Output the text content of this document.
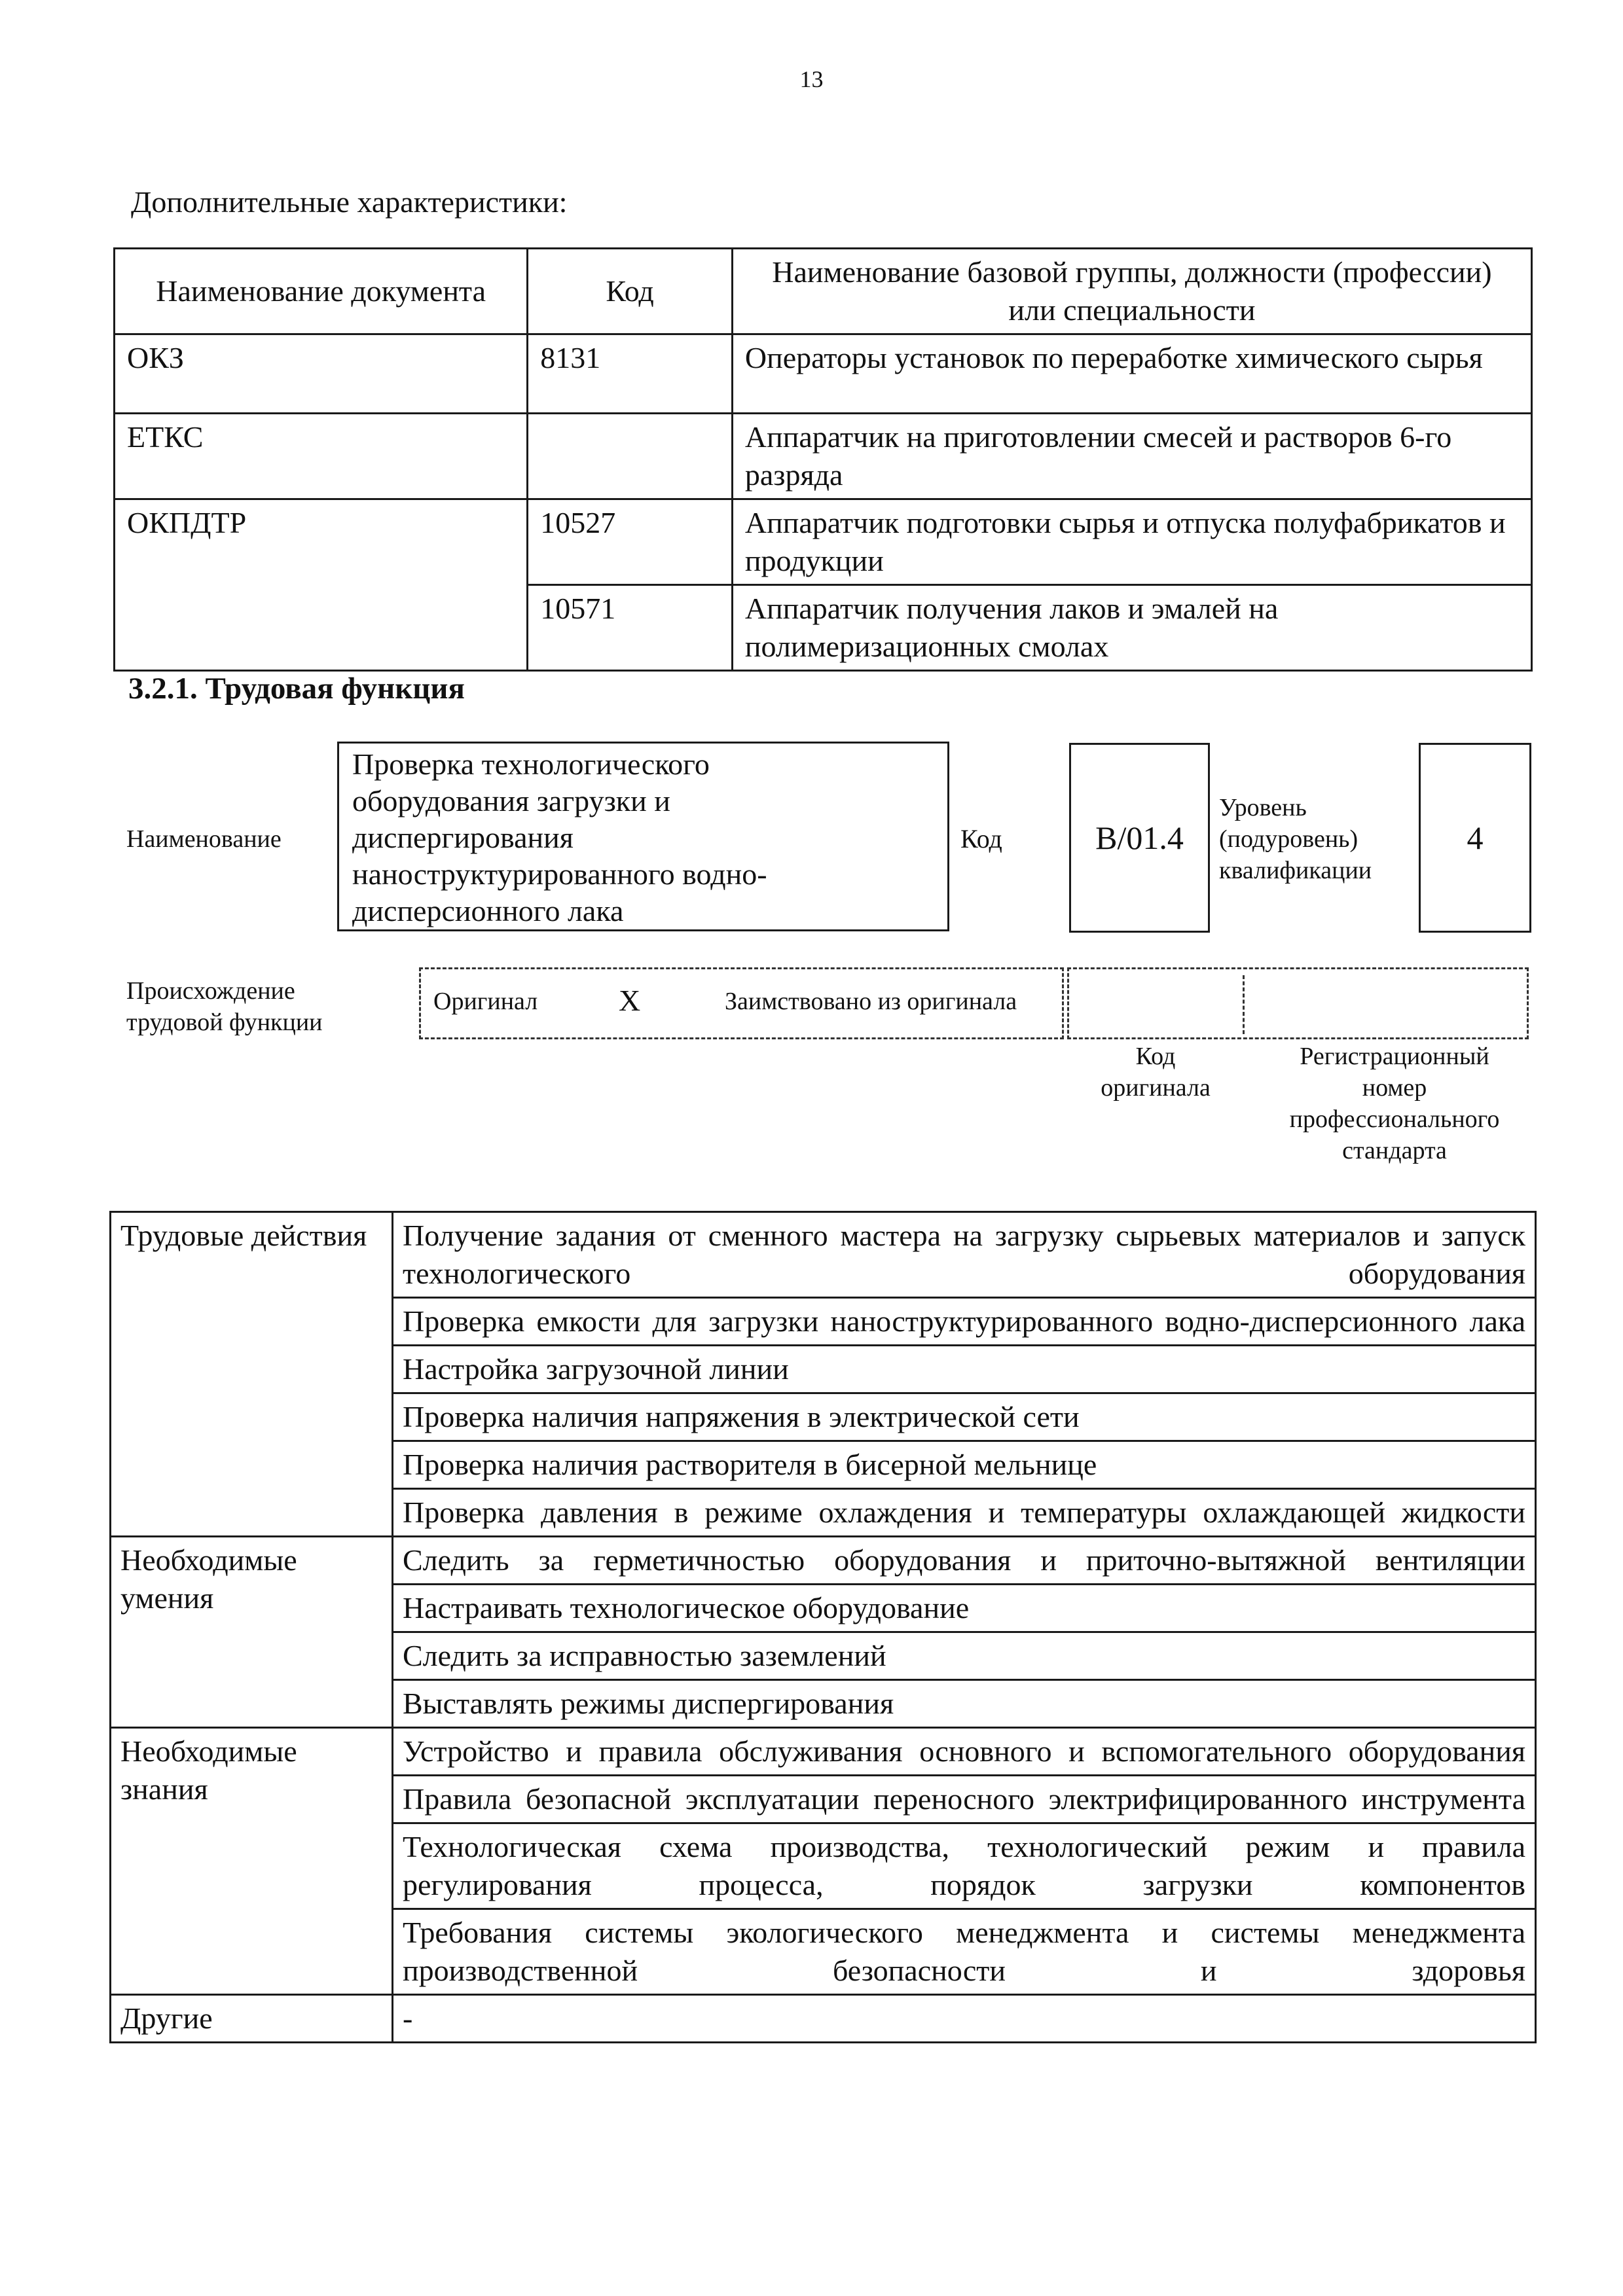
13
Дополнительные характеристики:
Наименование документа	Код	Наименование базовой группы, должности (профессии) или специальности
ОКЗ	8131	Операторы установок по переработке химического сырья
ЕТКС		Аппаратчик на приготовлении смесей и растворов 6-го разряда
ОКПДТР	10527	Аппаратчик подготовки сырья и отпуска полуфабрикатов и продукции
	10571	Аппаратчик получения лаков и эмалей на полимеризационных смолах
3.2.1. Трудовая функция
Наименование
Проверка технологического
оборудования загрузки и
диспергирования
наноструктурированного водно-
дисперсионного лака
Код	В/01.4
Уровень
(подуровень)
квалификации
4
Происхождение
трудовой функции
Оригинал	X	Заимствовано из оригинала
Код
оригинала
Регистрационный
номер
профессионального
стандарта
Трудовые действия	Получение задания от сменного мастера на загрузку сырьевых материалов и запуск технологического оборудования
	Проверка емкости для загрузки наноструктурированного водно-дисперсионного лака
	Настройка загрузочной линии
	Проверка наличия напряжения в электрической сети
	Проверка наличия растворителя в бисерной мельнице
	Проверка давления в режиме охлаждения и температуры охлаждающей жидкости
Необходимые умения	Следить за герметичностью оборудования и приточно-вытяжной вентиляции
	Настраивать технологическое оборудование
	Следить за исправностью заземлений
	Выставлять режимы диспергирования
Необходимые знания	Устройство и правила обслуживания основного и вспомогательного оборудования
	Правила безопасной эксплуатации переносного электрифицированного инструмента
	Технологическая схема производства, технологический режим и правила регулирования процесса, порядок загрузки компонентов
	Требования системы экологического менеджмента и системы менеджмента производственной безопасности и здоровья
Другие	-
